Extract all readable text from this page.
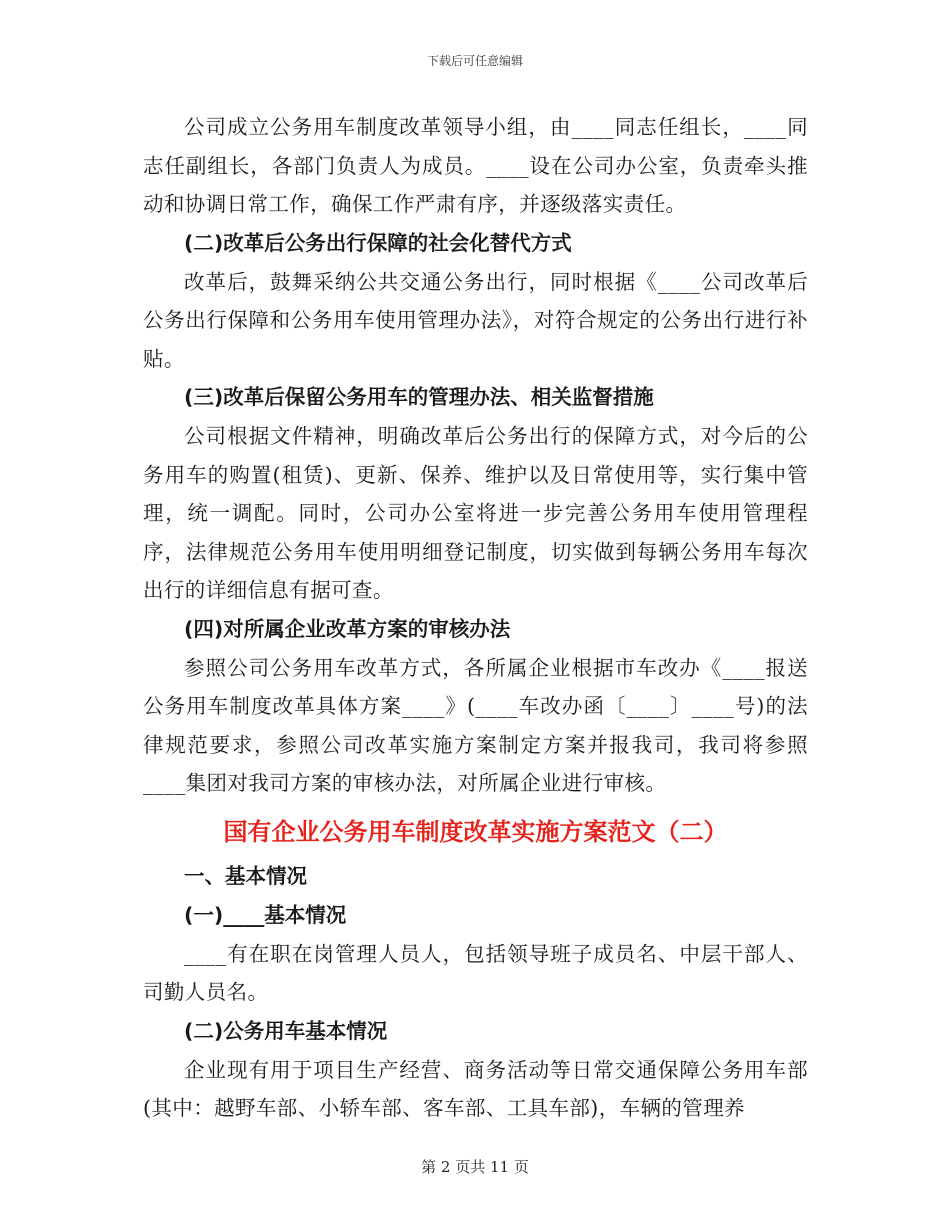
下载后可任意编辑

公司成立公务用车制度改革领导小组，由____同志任组长，____同志任副组长，各部门负责人为成员。____设在公司办公室，负责牵头推动和协调日常工作，确保工作严肃有序，并逐级落实责任。

(二)改革后公务出行保障的社会化替代方式

改革后，鼓舞采纳公共交通公务出行，同时根据《____公司改革后公务出行保障和公务用车使用管理办法》，对符合规定的公务出行进行补贴。

(三)改革后保留公务用车的管理办法、相关监督措施

公司根据文件精神，明确改革后公务出行的保障方式，对今后的公务用车的购置(租赁)、更新、保养、维护以及日常使用等，实行集中管理，统一调配。同时，公司办公室将进一步完善公务用车使用管理程序，法律规范公务用车使用明细登记制度，切实做到每辆公务用车每次出行的详细信息有据可查。

(四)对所属企业改革方案的审核办法

参照公司公务用车改革方式，各所属企业根据市车改办《____报送公务用车制度改革具体方案____》(____车改办函〔____〕____号)的法律规范要求，参照公司改革实施方案制定方案并报我司，我司将参照____集团对我司方案的审核办法，对所属企业进行审核。

国有企业公务用车制度改革实施方案范文（二）

一、基本情况

(一)____基本情况

____有在职在岗管理人员人，包括领导班子成员名、中层干部人、司勤人员名。

(二)公务用车基本情况

企业现有用于项目生产经营、商务活动等日常交通保障公务用车部(其中：越野车部、小轿车部、客车部、工具车部)，车辆的管理养

第 2 页共 11 页
